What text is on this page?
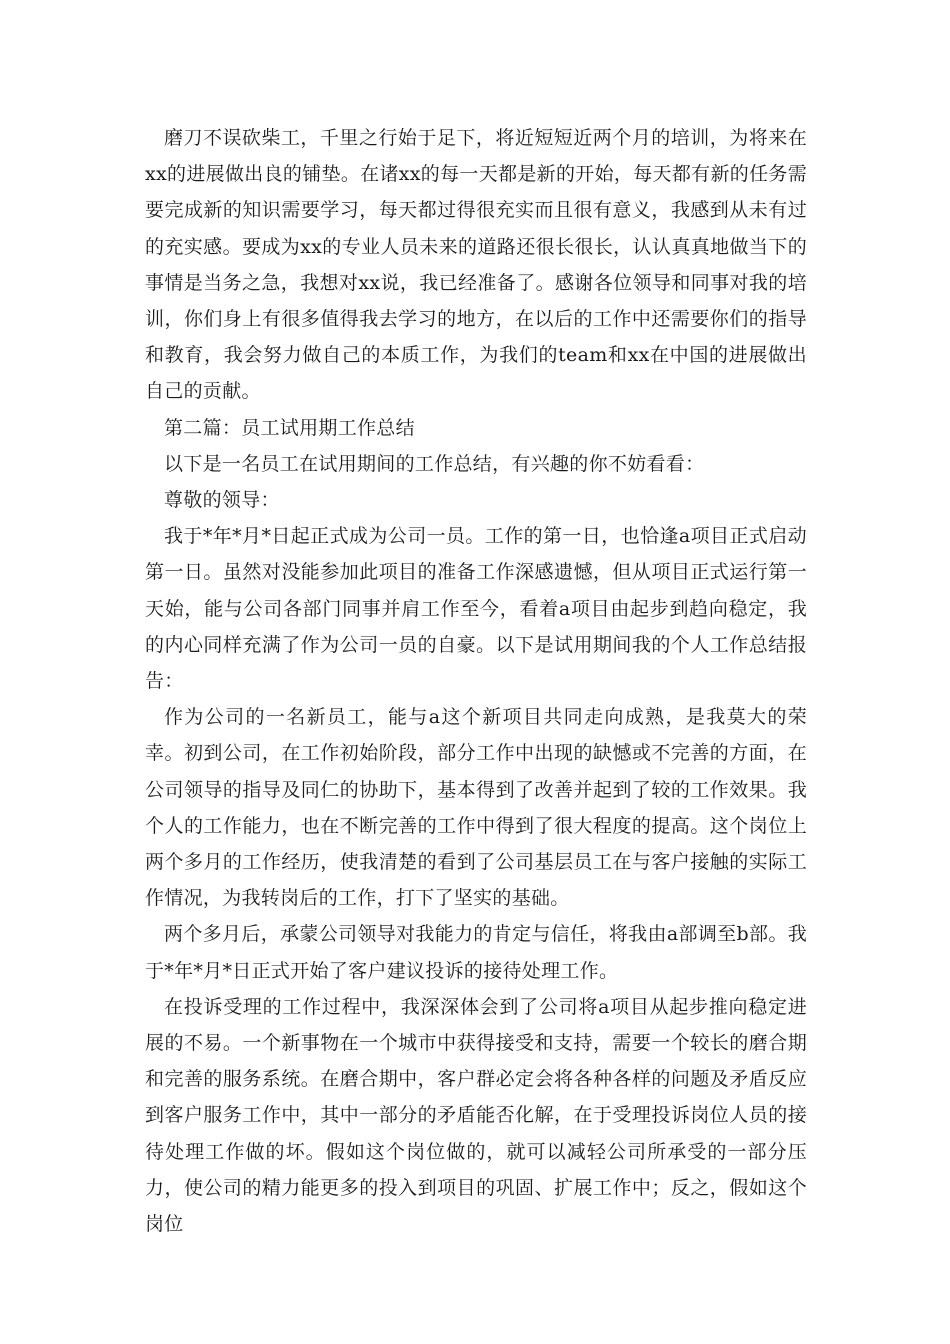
磨刀不误砍柴工，千里之行始于足下，将近短短近两个月的培训，为将来在xx的进展做出良的铺垫。在诸xx的每一天都是新的开始，每天都有新的任务需要完成新的知识需要学习，每天都过得很充实而且很有意义，我感到从未有过的充实感。要成为xx的专业人员未来的道路还很长很长，认认真真地做当下的事情是当务之急，我想对xx说，我已经准备了。感谢各位领导和同事对我的培训，你们身上有很多值得我去学习的地方，在以后的工作中还需要你们的指导和教育，我会努力做自己的本质工作，为我们的team和xx在中国的进展做出自己的贡献。

第二篇：员工试用期工作总结

以下是一名员工在试用期间的工作总结，有兴趣的你不妨看看：

尊敬的领导：

我于*年*月*日起正式成为公司一员。工作的第一日，也恰逢a项目正式启动第一日。虽然对没能参加此项目的准备工作深感遗憾，但从项目正式运行第一天始，能与公司各部门同事并肩工作至今，看着a项目由起步到趋向稳定，我的内心同样充满了作为公司一员的自豪。以下是试用期间我的个人工作总结报告：

作为公司的一名新员工，能与a这个新项目共同走向成熟，是我莫大的荣幸。初到公司，在工作初始阶段，部分工作中出现的缺憾或不完善的方面，在公司领导的指导及同仁的协助下，基本得到了改善并起到了较的工作效果。我个人的工作能力，也在不断完善的工作中得到了很大程度的提高。这个岗位上两个多月的工作经历，使我清楚的看到了公司基层员工在与客户接触的实际工作情况，为我转岗后的工作，打下了坚实的基础。

两个多月后，承蒙公司领导对我能力的肯定与信任，将我由a部调至b部。我于*年*月*日正式开始了客户建议投诉的接待处理工作。

在投诉受理的工作过程中，我深深体会到了公司将a项目从起步推向稳定进展的不易。一个新事物在一个城市中获得接受和支持，需要一个较长的磨合期和完善的服务系统。在磨合期中，客户群必定会将各种各样的问题及矛盾反应到客户服务工作中，其中一部分的矛盾能否化解，在于受理投诉岗位人员的接待处理工作做的坏。假如这个岗位做的，就可以减轻公司所承受的一部分压力，使公司的精力能更多的投入到项目的巩固、扩展工作中；反之，假如这个岗位
